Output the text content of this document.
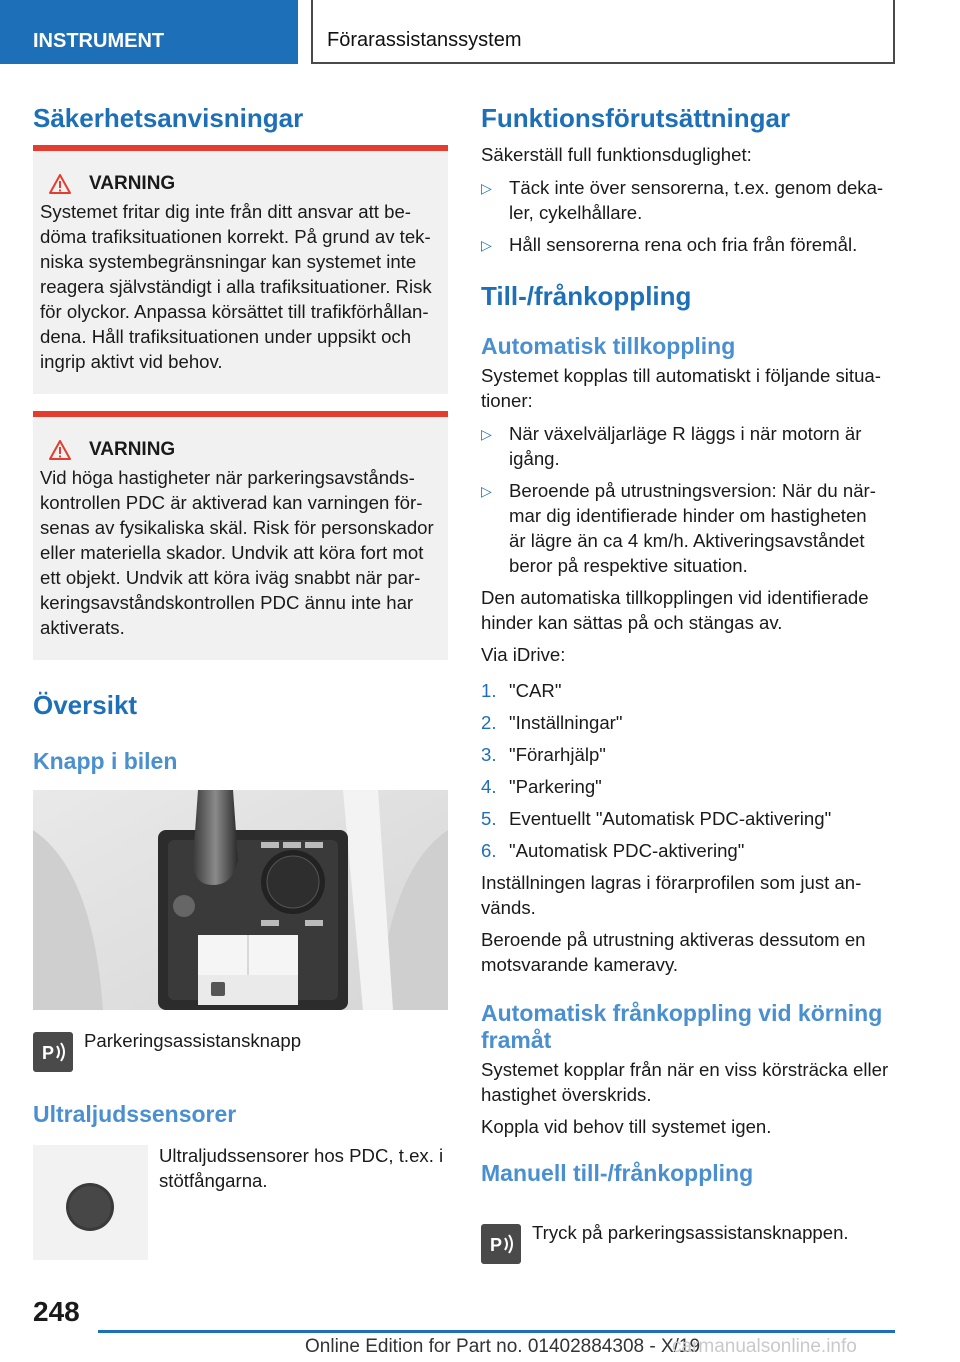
INSTRUMENT	Förarassistanssystem
Säkerhetsanvisningar
VARNING

Systemet fritar dig inte från ditt ansvar att be-

döma trafiksituationen korrekt. På grund av tek-

niska systembegränsningar kan systemet inte

reagera självständigt i alla trafiksituationer. Risk

för olyckor. Anpassa körsättet till trafikförhållan-

dena. Håll trafiksituationen under uppsikt och

ingrip aktivt vid behov.

VARNING

Vid höga hastigheter när parkeringsavstånds-

kontrollen PDC är aktiverad kan varningen för-

senas av fysikaliska skäl. Risk för personskador

eller materiella skador. Undvik att köra fort mot

ett objekt. Undvik att köra iväg snabbt när par-

keringsavståndskontrollen PDC ännu inte har

aktiverats.

Översikt
Knapp i bilen
P

Parkeringsassistansknapp

Ultraljudssensorer

Ultraljudssensorer hos PDC, t.ex. i

stötfångarna.

Funktionsförutsättningar

Säkerställ full funktionsduglighet:

▷ Täck inte över sensorerna, t.ex. genom deka-
ler, cykelhållare.
▷ Håll sensorerna rena och fria från föremål.
Till-/frånkoppling
Automatisk tillkoppling

Systemet kopplas till automatiskt i följande situa-

tioner:

▷ När växelväljarläge R läggs i när motorn är
igång.
▷ Beroende på utrustningsversion: När du när-
mar dig identifierade hinder om hastigheten
är lägre än ca 4 km/h. Aktiveringsavståndet
beror på respektive situation.

Den automatiska tillkopplingen vid identifierade

hinder kan sättas på och stängas av.

Via iDrive:

1. "CAR"
2. "Inställningar"
3. "Förarhjälp"
4. "Parkering"
5. Eventuellt "Automatisk PDC-aktivering"
6. "Automatisk PDC-aktivering"

Inställningen lagras i förarprofilen som just an-

vänds.

Beroende på utrustning aktiveras dessutom en

motsvarande kameravy.

Automatisk frånkoppling vid körning
framåt

Systemet kopplar från när en viss körsträcka eller

hastighet överskrids.

Koppla vid behov till systemet igen.

Manuell till-/frånkoppling
P

Tryck på parkeringsassistansknappen.

248
Online Edition for Part no. 01402884308 - X/19
carmanualsonline.info
